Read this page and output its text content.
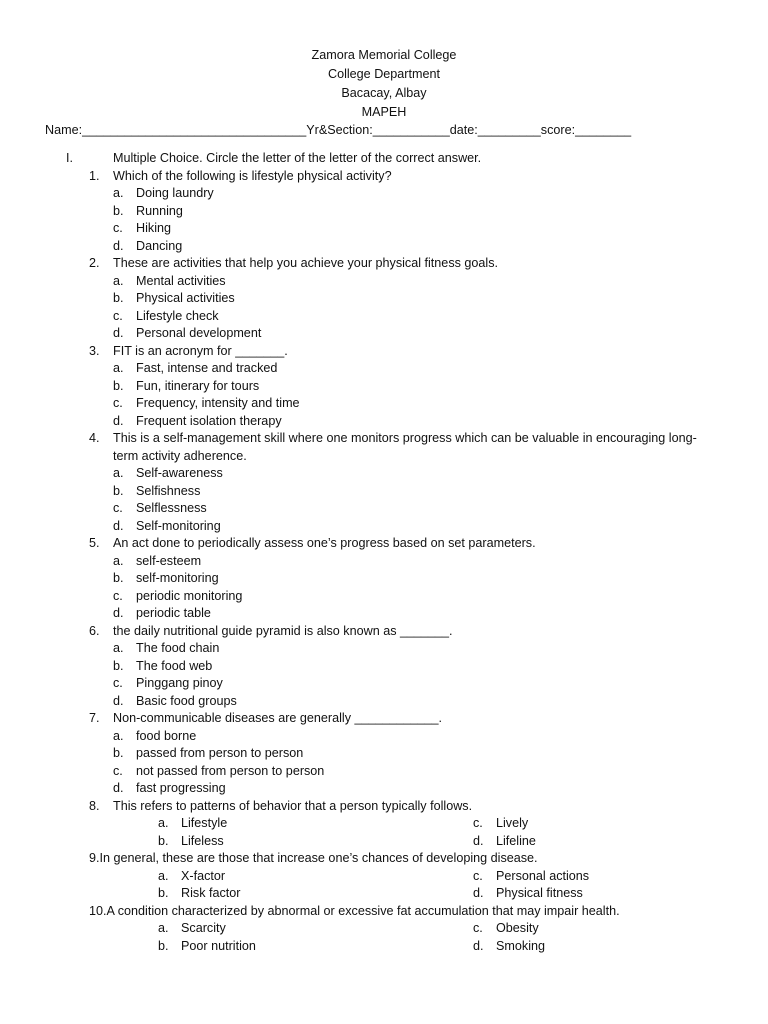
Zamora Memorial College
College Department
Bacacay, Albay
MAPEH
Name:________________________________Yr&Section:___________date:_________score:________
I.	Multiple Choice. Circle the letter of the letter of the correct answer.
1.	Which of the following is lifestyle physical activity?
a. Doing laundry
b. Running
c.	Hiking
d. Dancing
2.	These are activities that help you achieve your physical fitness goals.
a. Mental activities
b. Physical activities
c.	Lifestyle check
d. Personal development
3.	FIT is an acronym for _______.
a. Fast, intense and tracked
b. Fun, itinerary for tours
c.	Frequency, intensity and time
d. Frequent isolation therapy
4.	This is a self-management skill where one monitors progress which can be valuable in encouraging long-term activity adherence.
a. Self-awareness
b. Selfishness
c.	Selflessness
d. Self-monitoring
5.	An act done to periodically assess one’s progress based on set parameters.
a. self-esteem
b. self-monitoring
c.	periodic monitoring
d. periodic table
6.	the daily nutritional guide pyramid is also known as _______.
a. The food chain
b. The food web
c.	Pinggang pinoy
d. Basic food groups
7.	Non-communicable diseases are generally ____________.
a. food borne
b. passed from person to person
c.	not passed from person to person
d. fast progressing
8.	This refers to patterns of behavior that a person typically follows.
a. Lifestyle	c.	Lively
b. Lifeless	d. Lifeline
9.In general, these are those that increase one’s chances of developing disease.
a. X-factor	c.	Personal actions
b. Risk factor	d. Physical fitness
10.A condition characterized by abnormal or excessive fat accumulation that may impair health.
a. Scarcity	c.	Obesity
b. Poor nutrition	d. Smoking
